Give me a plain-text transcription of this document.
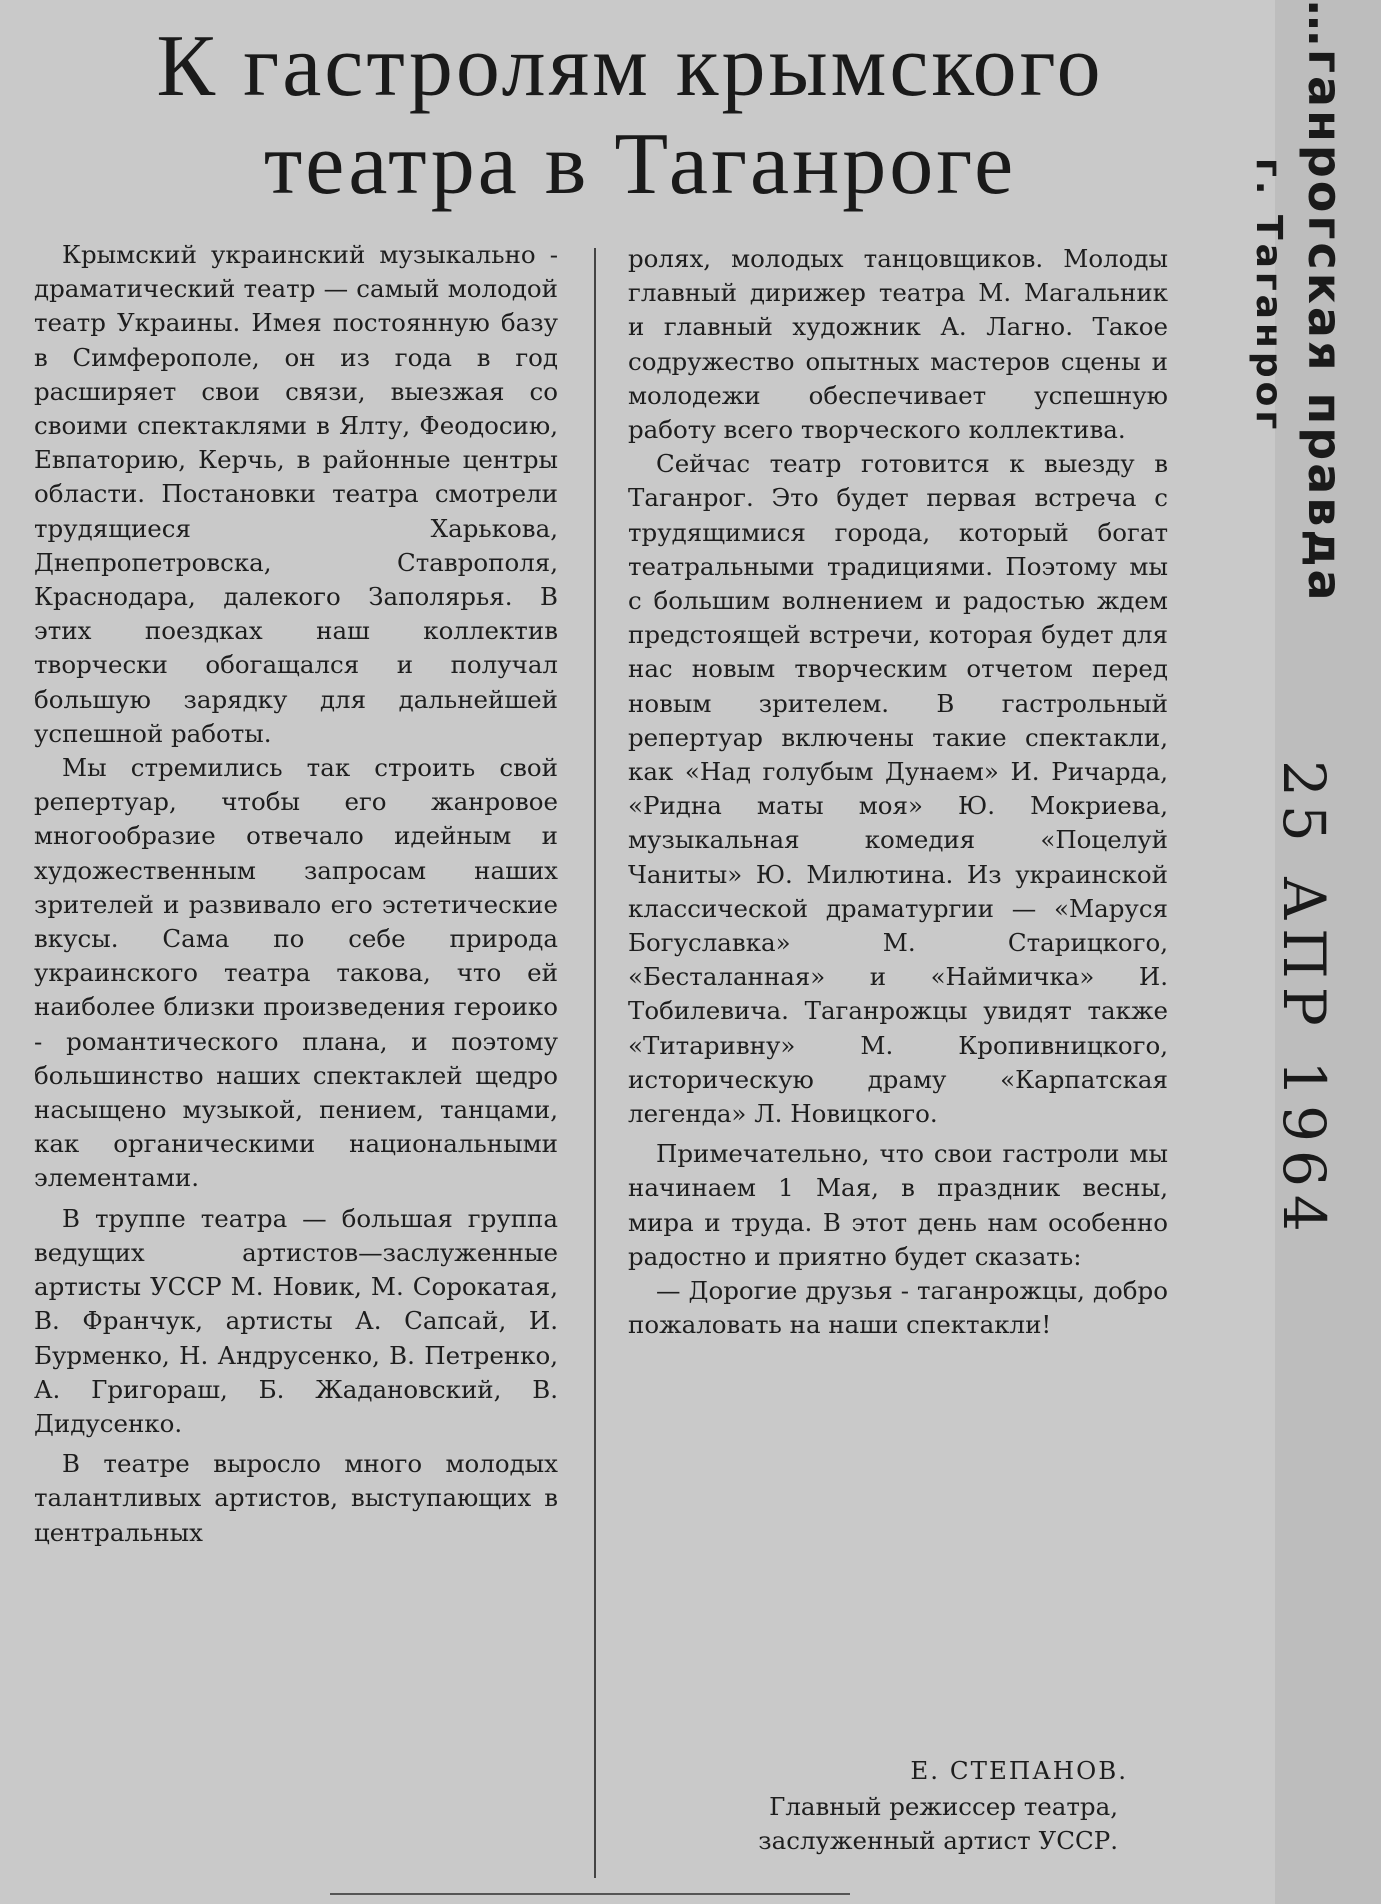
К гастролям крымского
театра в Таганроге

Крымский украинский музыкально - драматический театр — самый молодой театр Украины. Имея постоянную базу в Симферополе, он из года в год расширяет свои связи, выезжая со своими спектаклями в Ялту, Феодосию, Евпаторию, Керчь, в районные центры области. Постановки театра смотрели трудящиеся Харькова, Днепропетровска, Ставрополя, Краснодара, далекого Заполярья. В этих поездках наш коллектив творчески обогащался и получал большую зарядку для дальнейшей успешной работы.

Мы стремились так строить свой репертуар, чтобы его жанровое многообразие отвечало идейным и художественным запросам наших зрителей и развивало его эстетические вкусы. Сама по себе природа украинского театра такова, что ей наиболее близки произведения героико - романтического плана, и поэтому большинство наших спектаклей щедро насыщено музыкой, пением, танцами, как органическими национальными элементами.

В труппе театра — большая группа ведущих артистов—заслуженные артисты УССР М. Новик, М. Сорокатая, В. Франчук, артисты А. Сапсай, И. Бурменко, Н. Андрусенко, В. Петренко, А. Григораш, Б. Жадановский, В. Дидусенко.

В театре выросло много молодых талантливых артистов, выступающих в центральных

ролях, молодых танцовщиков. Молоды главный дирижер театра М. Магальник и главный художник А. Лагно. Такое содружество опытных мастеров сцены и молодежи обеспечивает успешную работу всего творческого коллектива.

Сейчас театр готовится к выезду в Таганрог. Это будет первая встреча с трудящимися города, который богат театральными традициями. Поэтому мы с большим волнением и радостью ждем предстоящей встречи, которая будет для нас новым творческим отчетом перед новым зрителем. В гастрольный репертуар включены такие спектакли, как «Над голубым Дунаем» И. Ричарда, «Ридна маты моя» Ю. Мокриева, музыкальная комедия «Поцелуй Чаниты» Ю. Милютина. Из украинской классической драматургии — «Маруся Богуславка» М. Старицкого, «Бесталанная» и «Наймичка» И. Тобилевича. Таганрожцы увидят также «Титаривну» М. Кропивницкого, историческую драму «Карпатская легенда» Л. Новицкого.

Примечательно, что свои гастроли мы начинаем 1 Мая, в праздник весны, мира и труда. В этот день нам особенно радостно и приятно будет сказать:

— Дорогие друзья - таганрожцы, добро пожаловать на наши спектакли!

Е. СТЕПАНОВ.
Главный режиссер театра,
заслуженный артист УССР.
…ганрогская правда
г. Таганрог
25 АПР 1964
